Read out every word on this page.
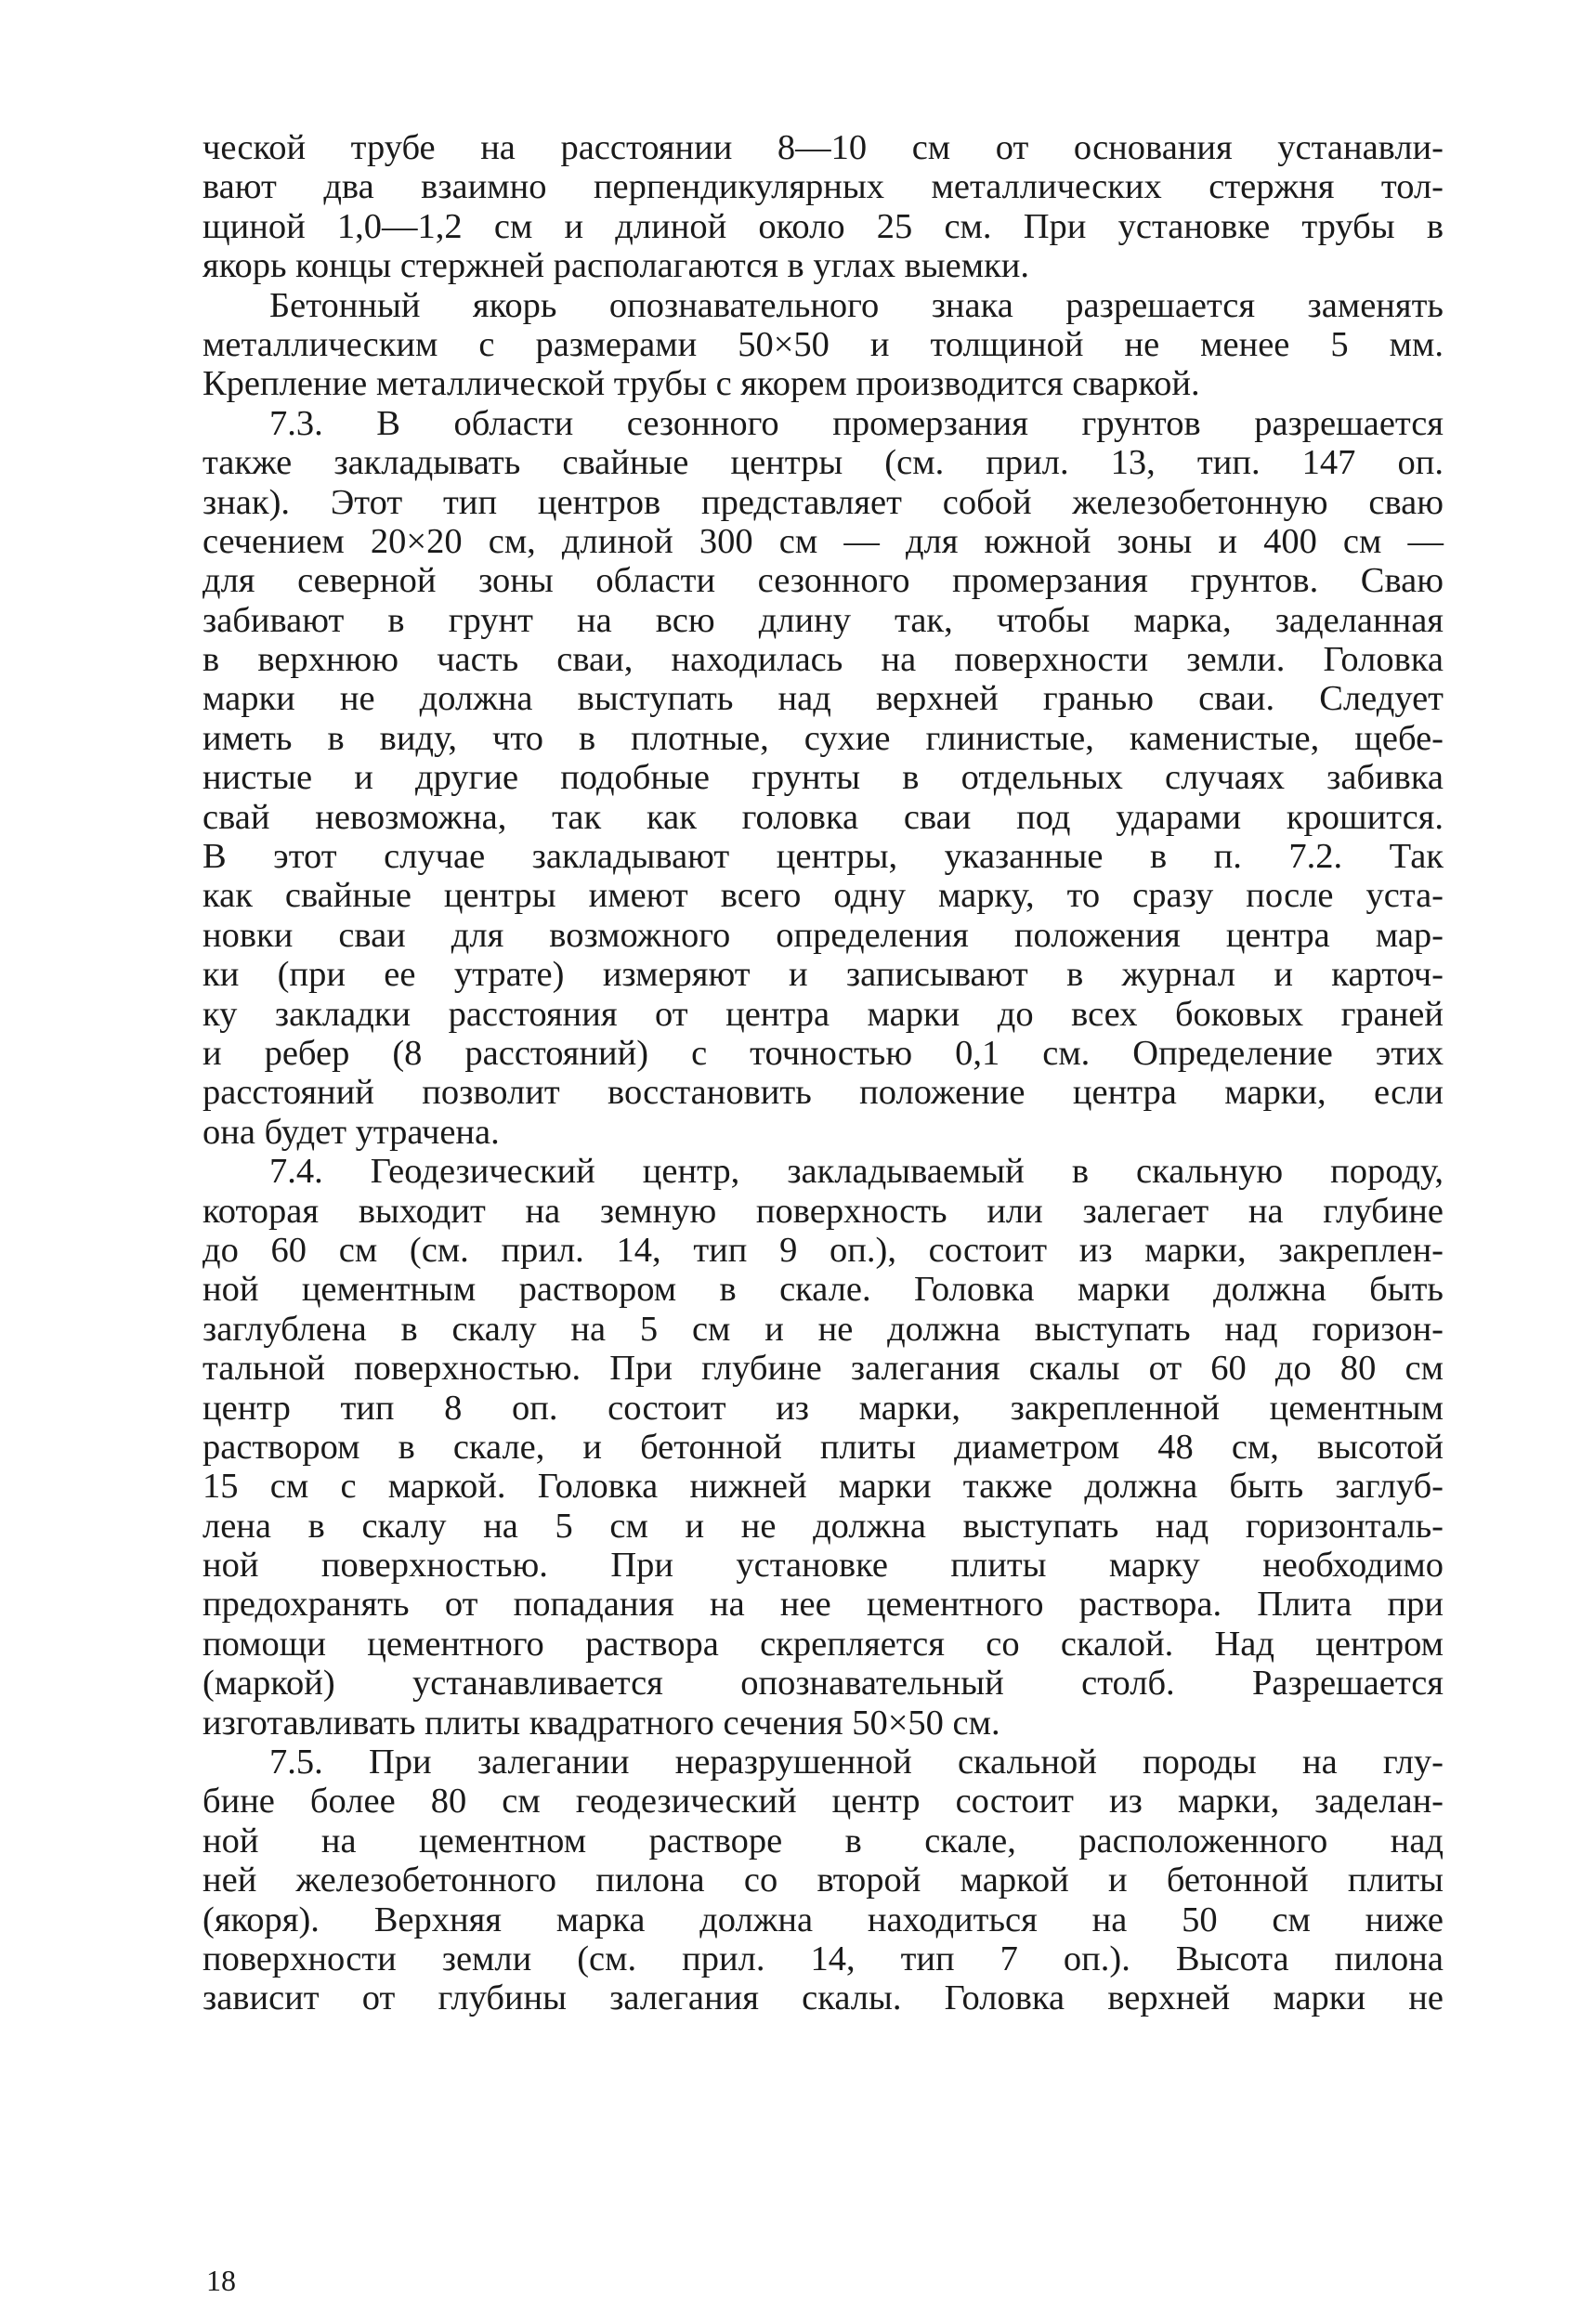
ческой трубе на расстоянии 8—10 см от основания устанавли-
вают два взаимно перпендикулярных металлических стержня тол-
щиной 1,0—1,2 см и длиной около 25 см. При установке трубы в
якорь концы стержней располагаются в углах выемки.
Бетонный якорь опознавательного знака разрешается заменять
металлическим с размерами 50×50 и толщиной не менее 5 мм.
Крепление металлической трубы с якорем производится сваркой.
7.3. В области сезонного промерзания грунтов разрешается
также закладывать свайные центры (см. прил. 13, тип. 147 оп.
знак). Этот тип центров представляет собой железобетонную сваю
сечением 20×20 см, длиной 300 см — для южной зоны и 400 см —
для северной зоны области сезонного промерзания грунтов. Сваю
забивают в грунт на всю длину так, чтобы марка, заделанная
в верхнюю часть сваи, находилась на поверхности земли. Головка
марки не должна выступать над верхней гранью сваи. Следует
иметь в виду, что в плотные, сухие глинистые, каменистые, щебе-
нистые и другие подобные грунты в отдельных случаях забивка
свай невозможна, так как головка сваи под ударами крошится.
В этот случае закладывают центры, указанные в п. 7.2. Так
как свайные центры имеют всего одну марку, то сразу после уста-
новки сваи для возможного определения положения центра мар-
ки (при ее утрате) измеряют и записывают в журнал и карточ-
ку закладки расстояния от центра марки до всех боковых граней
и ребер (8 расстояний) с точностью 0,1 см. Определение этих
расстояний позволит восстановить положение центра марки, если
она будет утрачена.
7.4. Геодезический центр, закладываемый в скальную породу,
которая выходит на земную поверхность или залегает на глубине
до 60 см (см. прил. 14, тип 9 оп.), состоит из марки, закреплен-
ной цементным раствором в скале. Головка марки должна быть
заглублена в скалу на 5 см и не должна выступать над горизон-
тальной поверхностью. При глубине залегания скалы от 60 до 80 см
центр тип 8 оп. состоит из марки, закрепленной цементным
раствором в скале, и бетонной плиты диаметром 48 см, высотой
15 см с маркой. Головка нижней марки также должна быть заглуб-
лена в скалу на 5 см и не должна выступать над горизонталь-
ной поверхностью. При установке плиты марку необходимо
предохранять от попадания на нее цементного раствора. Плита при
помощи цементного раствора скрепляется со скалой. Над центром
(маркой) устанавливается опознавательный столб. Разрешается
изготавливать плиты квадратного сечения 50×50 см.
7.5. При залегании неразрушенной скальной породы на глу-
бине более 80 см геодезический центр состоит из марки, заделан-
ной на цементном растворе в скале, расположенного над
ней железобетонного пилона со второй маркой и бетонной плиты
(якоря). Верхняя марка должна находиться на 50 см ниже
поверхности земли (см. прил. 14, тип 7 оп.). Высота пилона
зависит от глубины залегания скалы. Головка верхней марки не
18
